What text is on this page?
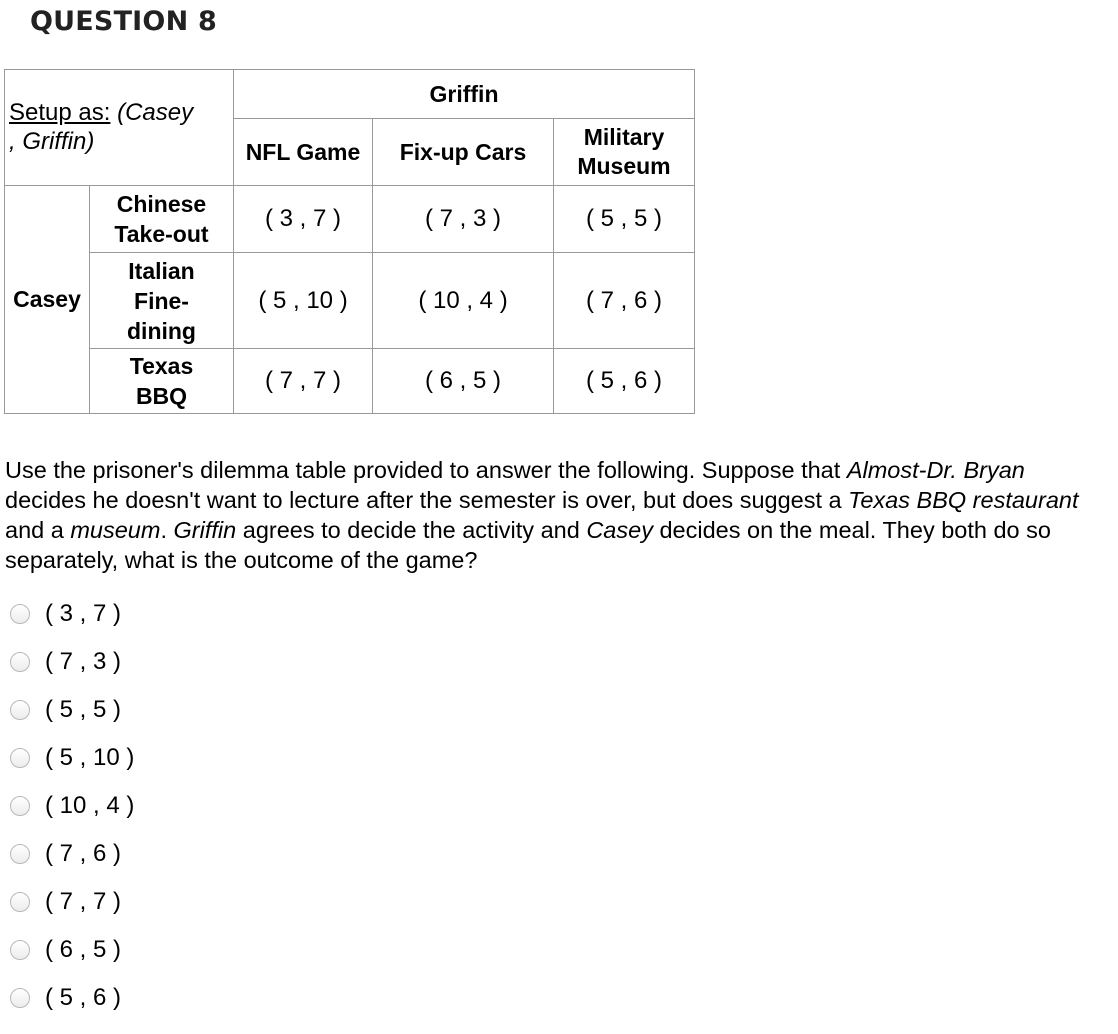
QUESTION 8
Setup as: (Casey
, Griffin)		Griffin		
		NFL Game	Fix-up Cars	Military Museum
Casey	Chinese Take-out	( 3 , 7 )	( 7 , 3 )	( 5 , 5 )
	Italian Fine-dining	( 5 , 10 )	( 10 , 4 )	( 7 , 6 )
	Texas BBQ	( 7 , 7 )	( 6 , 5 )	( 5 , 6 )
Use the prisoner's dilemma table provided to answer the following. Suppose that Almost-Dr. Bryan decides he doesn't want to lecture after the semester is over, but does suggest a Texas BBQ restaurant and a museum. Griffin agrees to decide the activity and Casey decides on the meal. They both do so separately, what is the outcome of the game?
( 3 , 7 )
( 7 , 3 )
( 5 , 5 )
( 5 , 10 )
( 10 , 4 )
( 7 , 6 )
( 7 , 7 )
( 6 , 5 )
( 5 , 6 )
